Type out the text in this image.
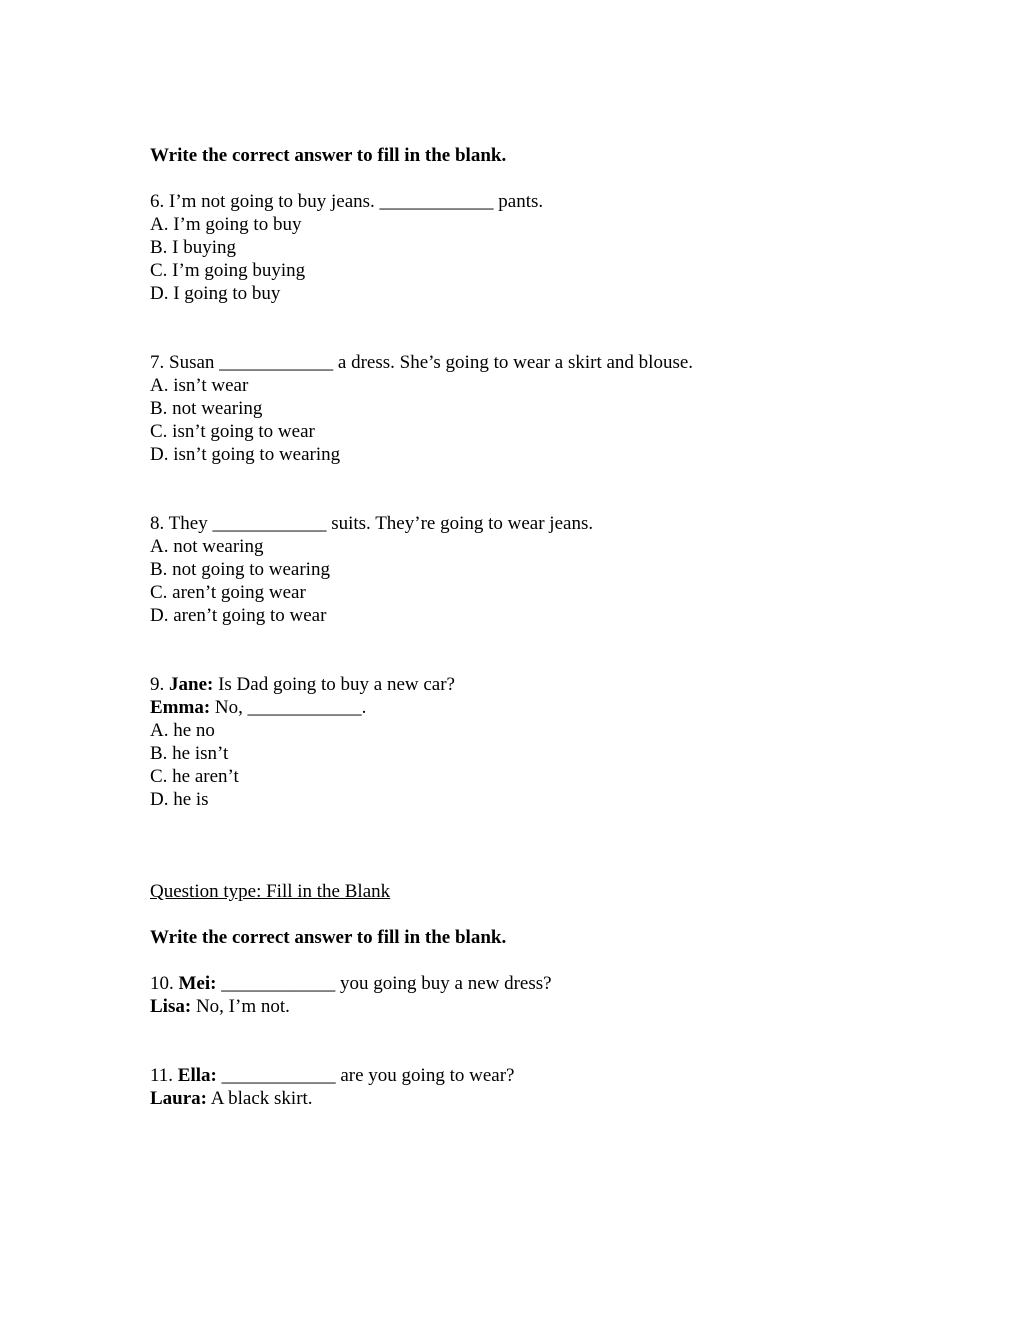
Write the correct answer to fill in the blank.
6. I’m not going to buy jeans. ____________ pants.
A. I’m going to buy
B. I buying
C. I’m going buying
D. I going to buy
7. Susan ____________ a dress. She’s going to wear a skirt and blouse.
A. isn’t wear
B. not wearing
C. isn’t going to wear
D. isn’t going to wearing
8. They ____________ suits. They’re going to wear jeans.
A. not wearing
B. not going to wearing
C. aren’t going wear
D. aren’t going to wear
9. Jane: Is Dad going to buy a new car?
Emma: No, ____________.
A. he no
B. he isn’t
C. he aren’t
D. he is
Question type: Fill in the Blank
Write the correct answer to fill in the blank.
10. Mei: ____________ you going buy a new dress?
Lisa: No, I’m not.
11. Ella: ____________ are you going to wear?
Laura: A black skirt.
